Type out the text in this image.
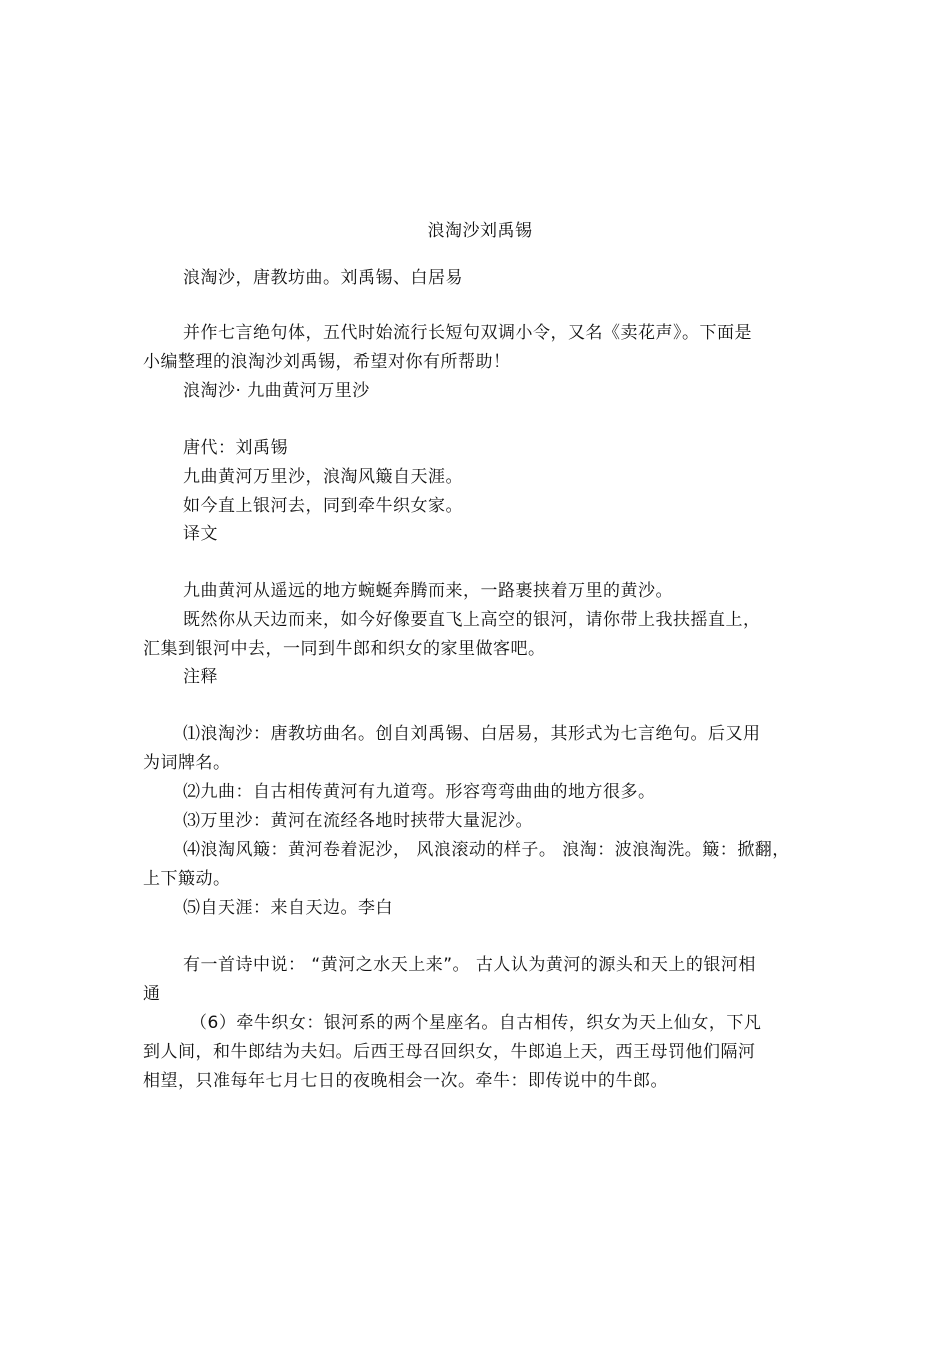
浪淘沙刘禹锡
浪淘沙，唐教坊曲。刘禹锡、白居易
并作七言绝句体，五代时始流行长短句双调小令，又名《卖花声》。下面是
小编整理的浪淘沙刘禹锡，希望对你有所帮助！
浪淘沙· 九曲黄河万里沙
唐代：刘禹锡
九曲黄河万里沙，浪淘风簸自天涯。
如今直上银河去，同到牵牛织女家。
译文
九曲黄河从遥远的地方蜿蜒奔腾而来，一路裹挟着万里的黄沙。
既然你从天边而来，如今好像要直飞上高空的银河，请你带上我扶摇直上，
汇集到银河中去，一同到牛郎和织女的家里做客吧。
注释
⑴浪淘沙：唐教坊曲名。创自刘禹锡、白居易，其形式为七言绝句。后又用
为词牌名。
⑵九曲：自古相传黄河有九道弯。形容弯弯曲曲的地方很多。
⑶万里沙：黄河在流经各地时挟带大量泥沙。
⑷浪淘风簸：黄河卷着泥沙， 风浪滚动的样子。 浪淘：波浪淘洗。簸：掀翻，
上下簸动。
⑸自天涯：来自天边。李白
有一首诗中说： “黄河之水天上来”。 古人认为黄河的源头和天上的银河相
通
（6）牵牛织女：银河系的两个星座名。自古相传，织女为天上仙女，下凡
到人间，和牛郎结为夫妇。后西王母召回织女，牛郎追上天，西王母罚他们隔河
相望，只准每年七月七日的夜晚相会一次。牵牛：即传说中的牛郎。
